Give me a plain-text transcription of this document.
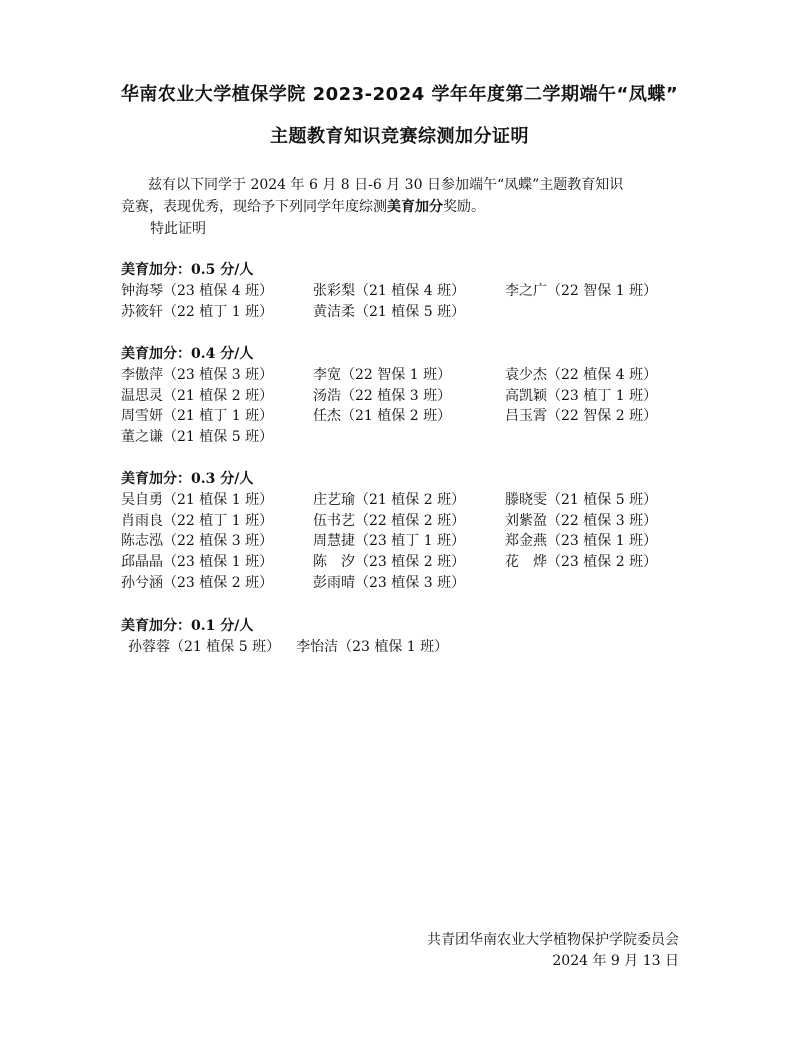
华南农业大学植保学院 2023-2024 学年年度第二学期端午“凤蝶”
主题教育知识竞赛综测加分证明
兹有以下同学于 2024 年 6 月 8 日-6 月 30 日参加端午“凤蝶”主题教育知识
竞赛，表现优秀，现给予下列同学年度综测美育加分奖励。
特此证明
美育加分：0.5 分/人
钟海琴（23 植保 4 班）	张彩梨（21 植保 4 班）	李之广（22 智保 1 班）
苏筱轩（22 植丁 1 班）	黄洁柔（21 植保 5 班）
美育加分：0.4 分/人
李傲萍（23 植保 3 班）	李宽（22 智保 1 班）	袁少杰（22 植保 4 班）
温思灵（21 植保 2 班）	汤浩（22 植保 3 班）	高凯颖（23 植丁 1 班）
周雪妍（21 植丁 1 班）	任杰（21 植保 2 班）	吕玉霄（22 智保 2 班）
董之谦（21 植保 5 班）
美育加分：0.3 分/人
吴自勇（21 植保 1 班）	庄艺瑜（21 植保 2 班）	滕晓雯（21 植保 5 班）
肖雨良（22 植丁 1 班）	伍书艺（22 植保 2 班）	刘紫盈（22 植保 3 班）
陈志泓（22 植保 3 班）	周慧捷（23 植丁 1 班）	郑金燕（23 植保 1 班）
邱晶晶（23 植保 1 班）	陈　汐（23 植保 2 班）	花　烨（23 植保 2 班）
孙兮涵（23 植保 2 班）	彭雨晴（23 植保 3 班）
美育加分：0.1 分/人
孙蓉蓉（21 植保 5 班） 李怡洁（23 植保 1 班）
共青团华南农业大学植物保护学院委员会
2024 年 9 月 13 日
